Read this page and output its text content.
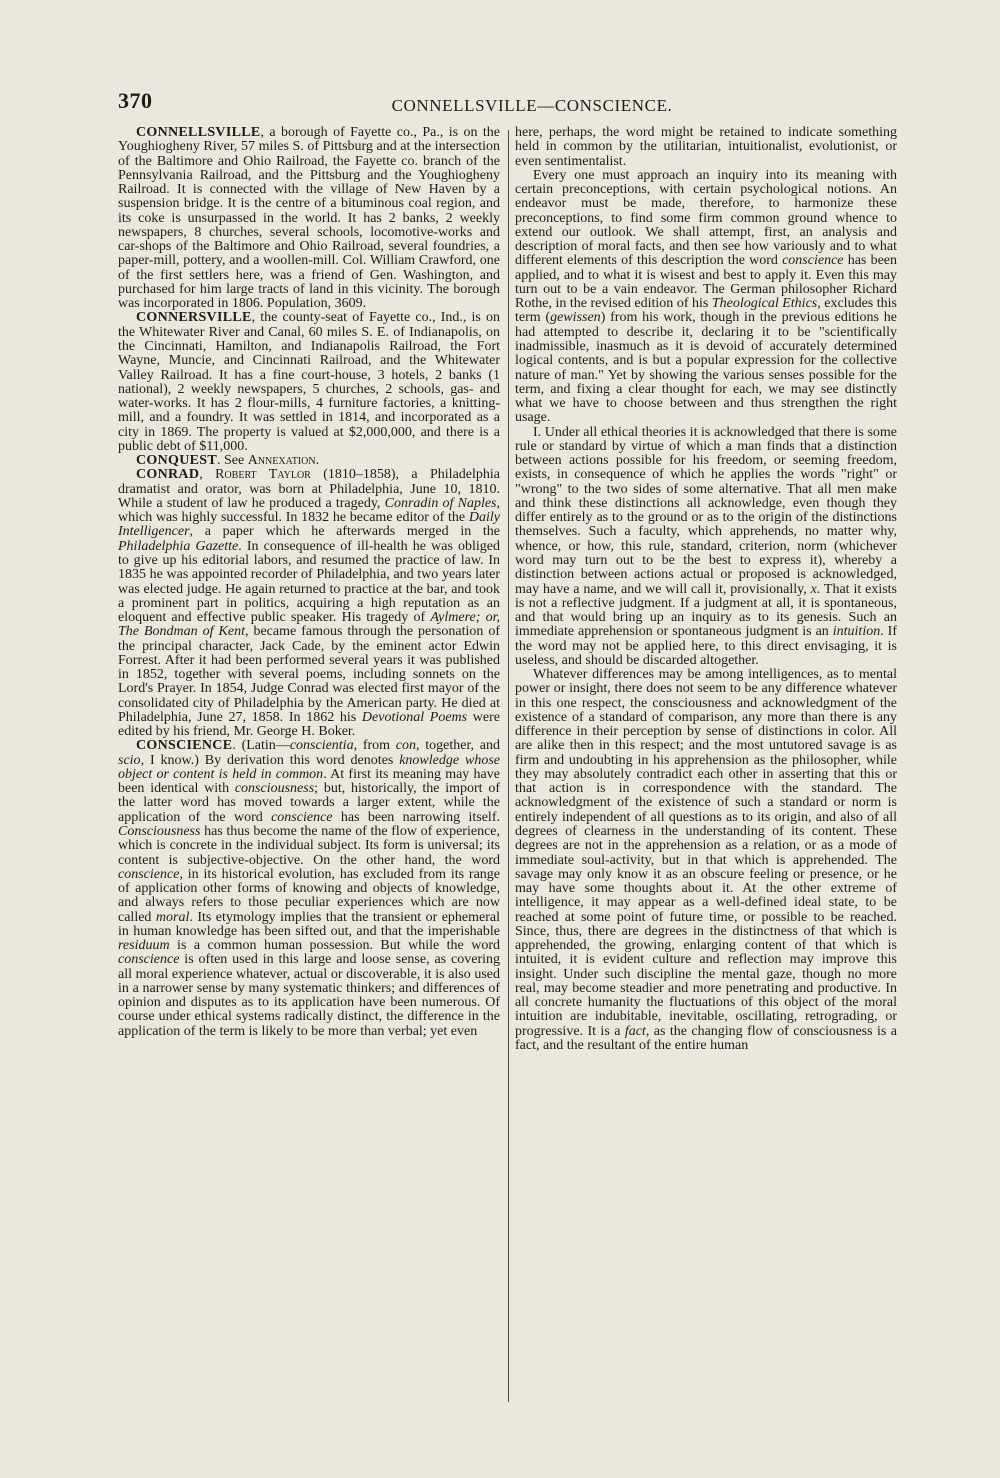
370	CONNELLSVILLE—CONSCIENCE.

CONNELLSVILLE, a borough of Fayette co., Pa., is on the Youghiogheny River, 57 miles S. of Pittsburg and at the intersection of the Baltimore and Ohio Railroad, the Fayette co. branch of the Pennsylvania Railroad, and the Pittsburg and the Youghiogheny Railroad. It is connected with the village of New Haven by a suspension bridge. It is the centre of a bituminous coal region, and its coke is unsurpassed in the world. It has 2 banks, 2 weekly newspapers, 8 churches, several schools, locomotive-works and car-shops of the Baltimore and Ohio Railroad, several foundries, a paper-mill, pottery, and a woollen-mill. Col. William Crawford, one of the first settlers here, was a friend of Gen. Washington, and purchased for him large tracts of land in this vicinity. The borough was incorporated in 1806. Population, 3609.

CONNERSVILLE, the county-seat of Fayette co., Ind., is on the Whitewater River and Canal, 60 miles S. E. of Indianapolis, on the Cincinnati, Hamilton, and Indianapolis Railroad, the Fort Wayne, Muncie, and Cincinnati Railroad, and the Whitewater Valley Railroad. It has a fine court-house, 3 hotels, 2 banks (1 national), 2 weekly newspapers, 5 churches, 2 schools, gas- and water-works. It has 2 flour-mills, 4 furniture factories, a knitting-mill, and a foundry. It was settled in 1814, and incorporated as a city in 1869. The property is valued at $2,000,000, and there is a public debt of $11,000.

CONQUEST. See Annexation.

CONRAD, Robert Taylor (1810–1858), a Philadelphia dramatist and orator, was born at Philadelphia, June 10, 1810. While a student of law he produced a tragedy, Conradin of Naples, which was highly successful. In 1832 he became editor of the Daily Intelligencer, a paper which he afterwards merged in the Philadelphia Gazette. In consequence of ill-health he was obliged to give up his editorial labors, and resumed the practice of law. In 1835 he was appointed recorder of Philadelphia, and two years later was elected judge. He again returned to practice at the bar, and took a prominent part in politics, acquiring a high reputation as an eloquent and effective public speaker. His tragedy of Aylmere; or, The Bondman of Kent, became famous through the personation of the principal character, Jack Cade, by the eminent actor Edwin Forrest. After it had been performed several years it was published in 1852, together with several poems, including sonnets on the Lord's Prayer. In 1854, Judge Conrad was elected first mayor of the consolidated city of Philadelphia by the American party. He died at Philadelphia, June 27, 1858. In 1862 his Devotional Poems were edited by his friend, Mr. George H. Boker.

CONSCIENCE. (Latin—conscientia, from con, together, and scio, I know.) By derivation this word denotes knowledge whose object or content is held in common. At first its meaning may have been identical with consciousness; but, historically, the import of the latter word has moved towards a larger extent, while the application of the word conscience has been narrowing itself. Consciousness has thus become the name of the flow of experience, which is concrete in the individual subject. Its form is universal; its content is subjective-objective. On the other hand, the word conscience, in its historical evolution, has excluded from its range of application other forms of knowing and objects of knowledge, and always refers to those peculiar experiences which are now called moral. Its etymology implies that the transient or ephemeral in human knowledge has been sifted out, and that the imperishable residuum is a common human possession. But while the word conscience is often used in this large and loose sense, as covering all moral experience whatever, actual or discoverable, it is also used in a narrower sense by many systematic thinkers; and differences of opinion and disputes as to its application have been numerous. Of course under ethical systems radically distinct, the difference in the application of the term is likely to be more than verbal; yet even

here, perhaps, the word might be retained to indicate something held in common by the utilitarian, intuitionalist, evolutionist, or even sentimentalist.

Every one must approach an inquiry into its meaning with certain preconceptions, with certain psychological notions. An endeavor must be made, therefore, to harmonize these preconceptions, to find some firm common ground whence to extend our outlook. We shall attempt, first, an analysis and description of moral facts, and then see how variously and to what different elements of this description the word conscience has been applied, and to what it is wisest and best to apply it. Even this may turn out to be a vain endeavor. The German philosopher Richard Rothe, in the revised edition of his Theological Ethics, excludes this term (gewissen) from his work, though in the previous editions he had attempted to describe it, declaring it to be "scientifically inadmissible, inasmuch as it is devoid of accurately determined logical contents, and is but a popular expression for the collective nature of man." Yet by showing the various senses possible for the term, and fixing a clear thought for each, we may see distinctly what we have to choose between and thus strengthen the right usage.

I. Under all ethical theories it is acknowledged that there is some rule or standard by virtue of which a man finds that a distinction between actions possible for his freedom, or seeming freedom, exists, in consequence of which he applies the words "right" or "wrong" to the two sides of some alternative. That all men make and think these distinctions all acknowledge, even though they differ entirely as to the ground or as to the origin of the distinctions themselves. Such a faculty, which apprehends, no matter why, whence, or how, this rule, standard, criterion, norm (whichever word may turn out to be the best to express it), whereby a distinction between actions actual or proposed is acknowledged, may have a name, and we will call it, provisionally, x. That it exists is not a reflective judgment. If a judgment at all, it is spontaneous, and that would bring up an inquiry as to its genesis. Such an immediate apprehension or spontaneous judgment is an intuition. If the word may not be applied here, to this direct envisaging, it is useless, and should be discarded altogether.

Whatever differences may be among intelligences, as to mental power or insight, there does not seem to be any difference whatever in this one respect, the consciousness and acknowledgment of the existence of a standard of comparison, any more than there is any difference in their perception by sense of distinctions in color. All are alike then in this respect; and the most untutored savage is as firm and undoubting in his apprehension as the philosopher, while they may absolutely contradict each other in asserting that this or that action is in correspondence with the standard. The acknowledgment of the existence of such a standard or norm is entirely independent of all questions as to its origin, and also of all degrees of clearness in the understanding of its content. These degrees are not in the apprehension as a relation, or as a mode of immediate soul-activity, but in that which is apprehended. The savage may only know it as an obscure feeling or presence, or he may have some thoughts about it. At the other extreme of intelligence, it may appear as a well-defined ideal state, to be reached at some point of future time, or possible to be reached. Since, thus, there are degrees in the distinctness of that which is apprehended, the growing, enlarging content of that which is intuited, it is evident culture and reflection may improve this insight. Under such discipline the mental gaze, though no more real, may become steadier and more penetrating and productive. In all concrete humanity the fluctuations of this object of the moral intuition are indubitable, inevitable, oscillating, retrograding, or progressive. It is a fact, as the changing flow of consciousness is a fact, and the resultant of the entire human
